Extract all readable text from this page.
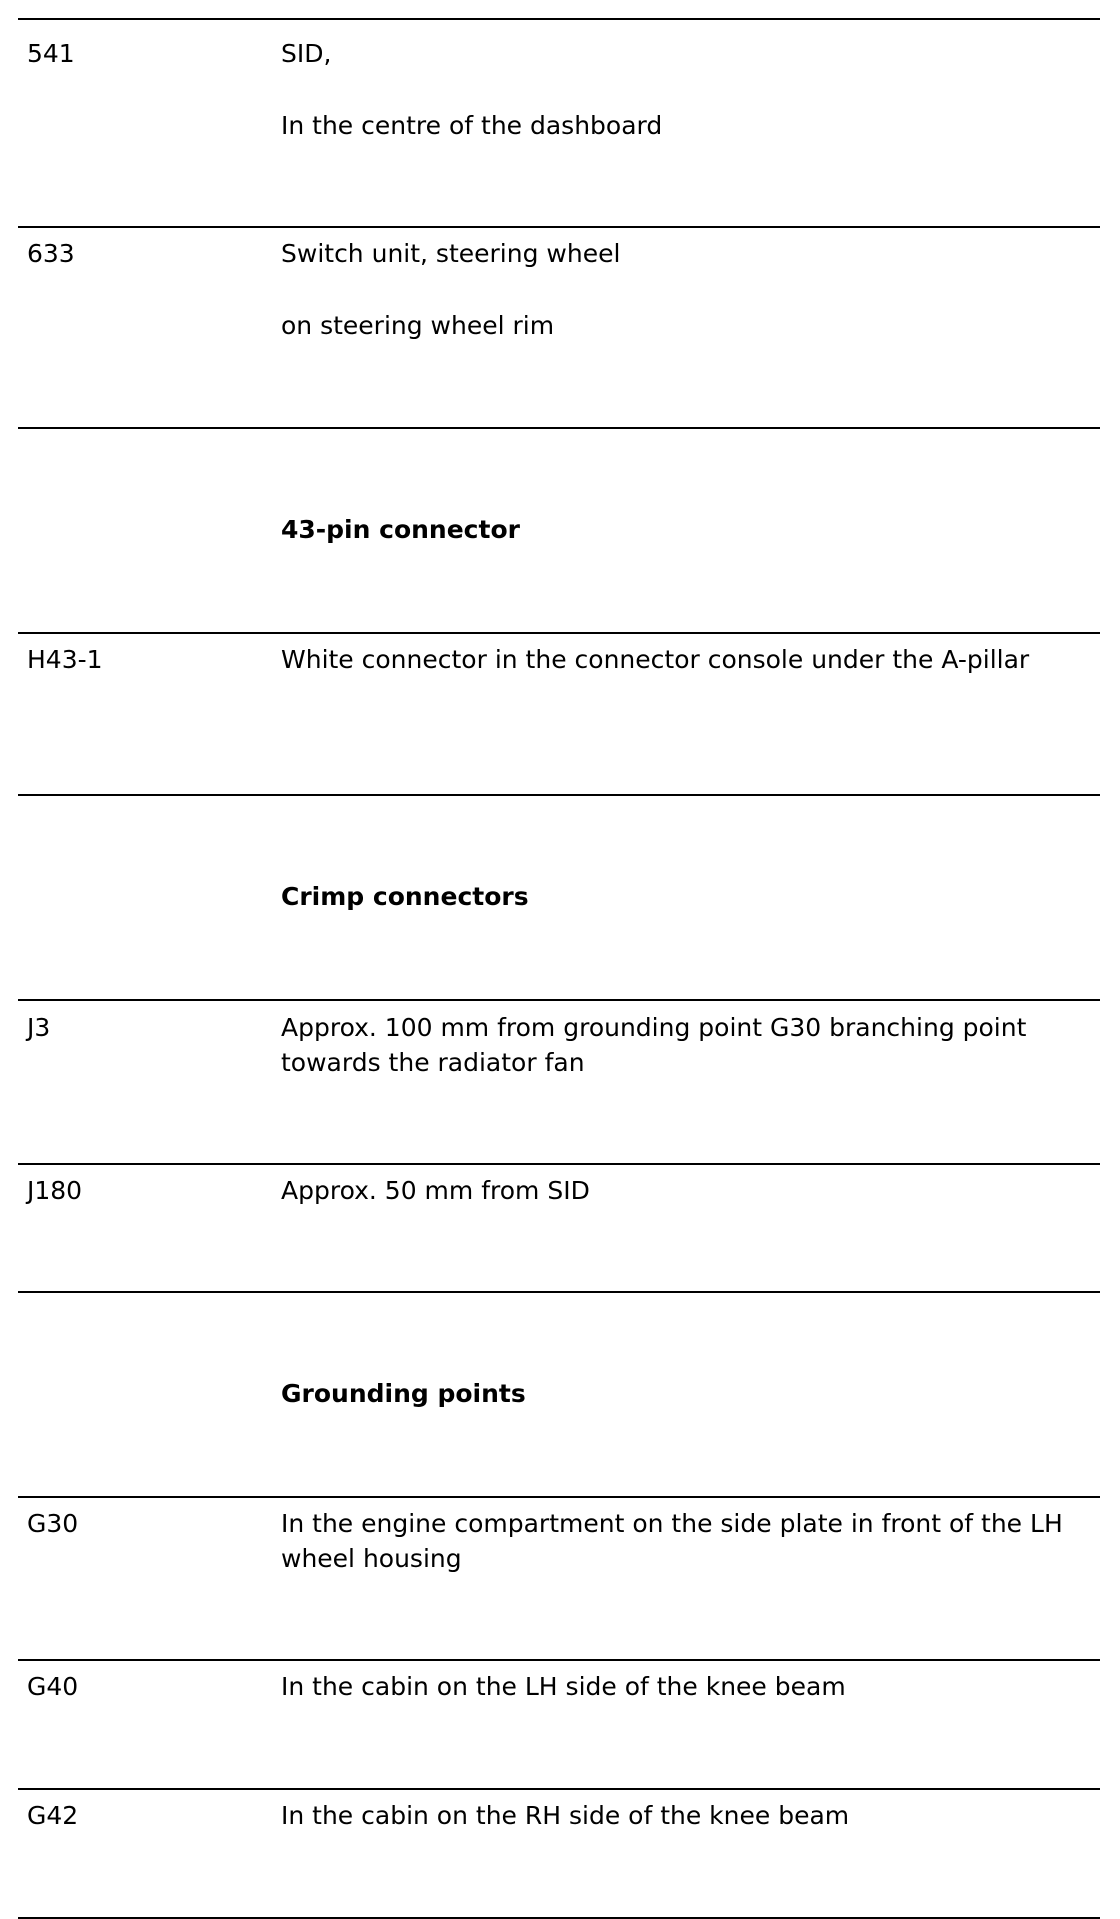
541	SID,
In the centre of the dashboard
633	Switch unit, steering wheel
on steering wheel rim
43-pin connector
H43-1	White connector in the connector console under the A-pillar
Crimp connectors
J3	Approx. 100 mm from grounding point G30 branching point towards the radiator fan
J180	Approx. 50 mm from SID
Grounding points
G30	In the engine compartment on the side plate in front of the LH wheel housing
G40	In the cabin on the LH side of the knee beam
G42	In the cabin on the RH side of the knee beam
